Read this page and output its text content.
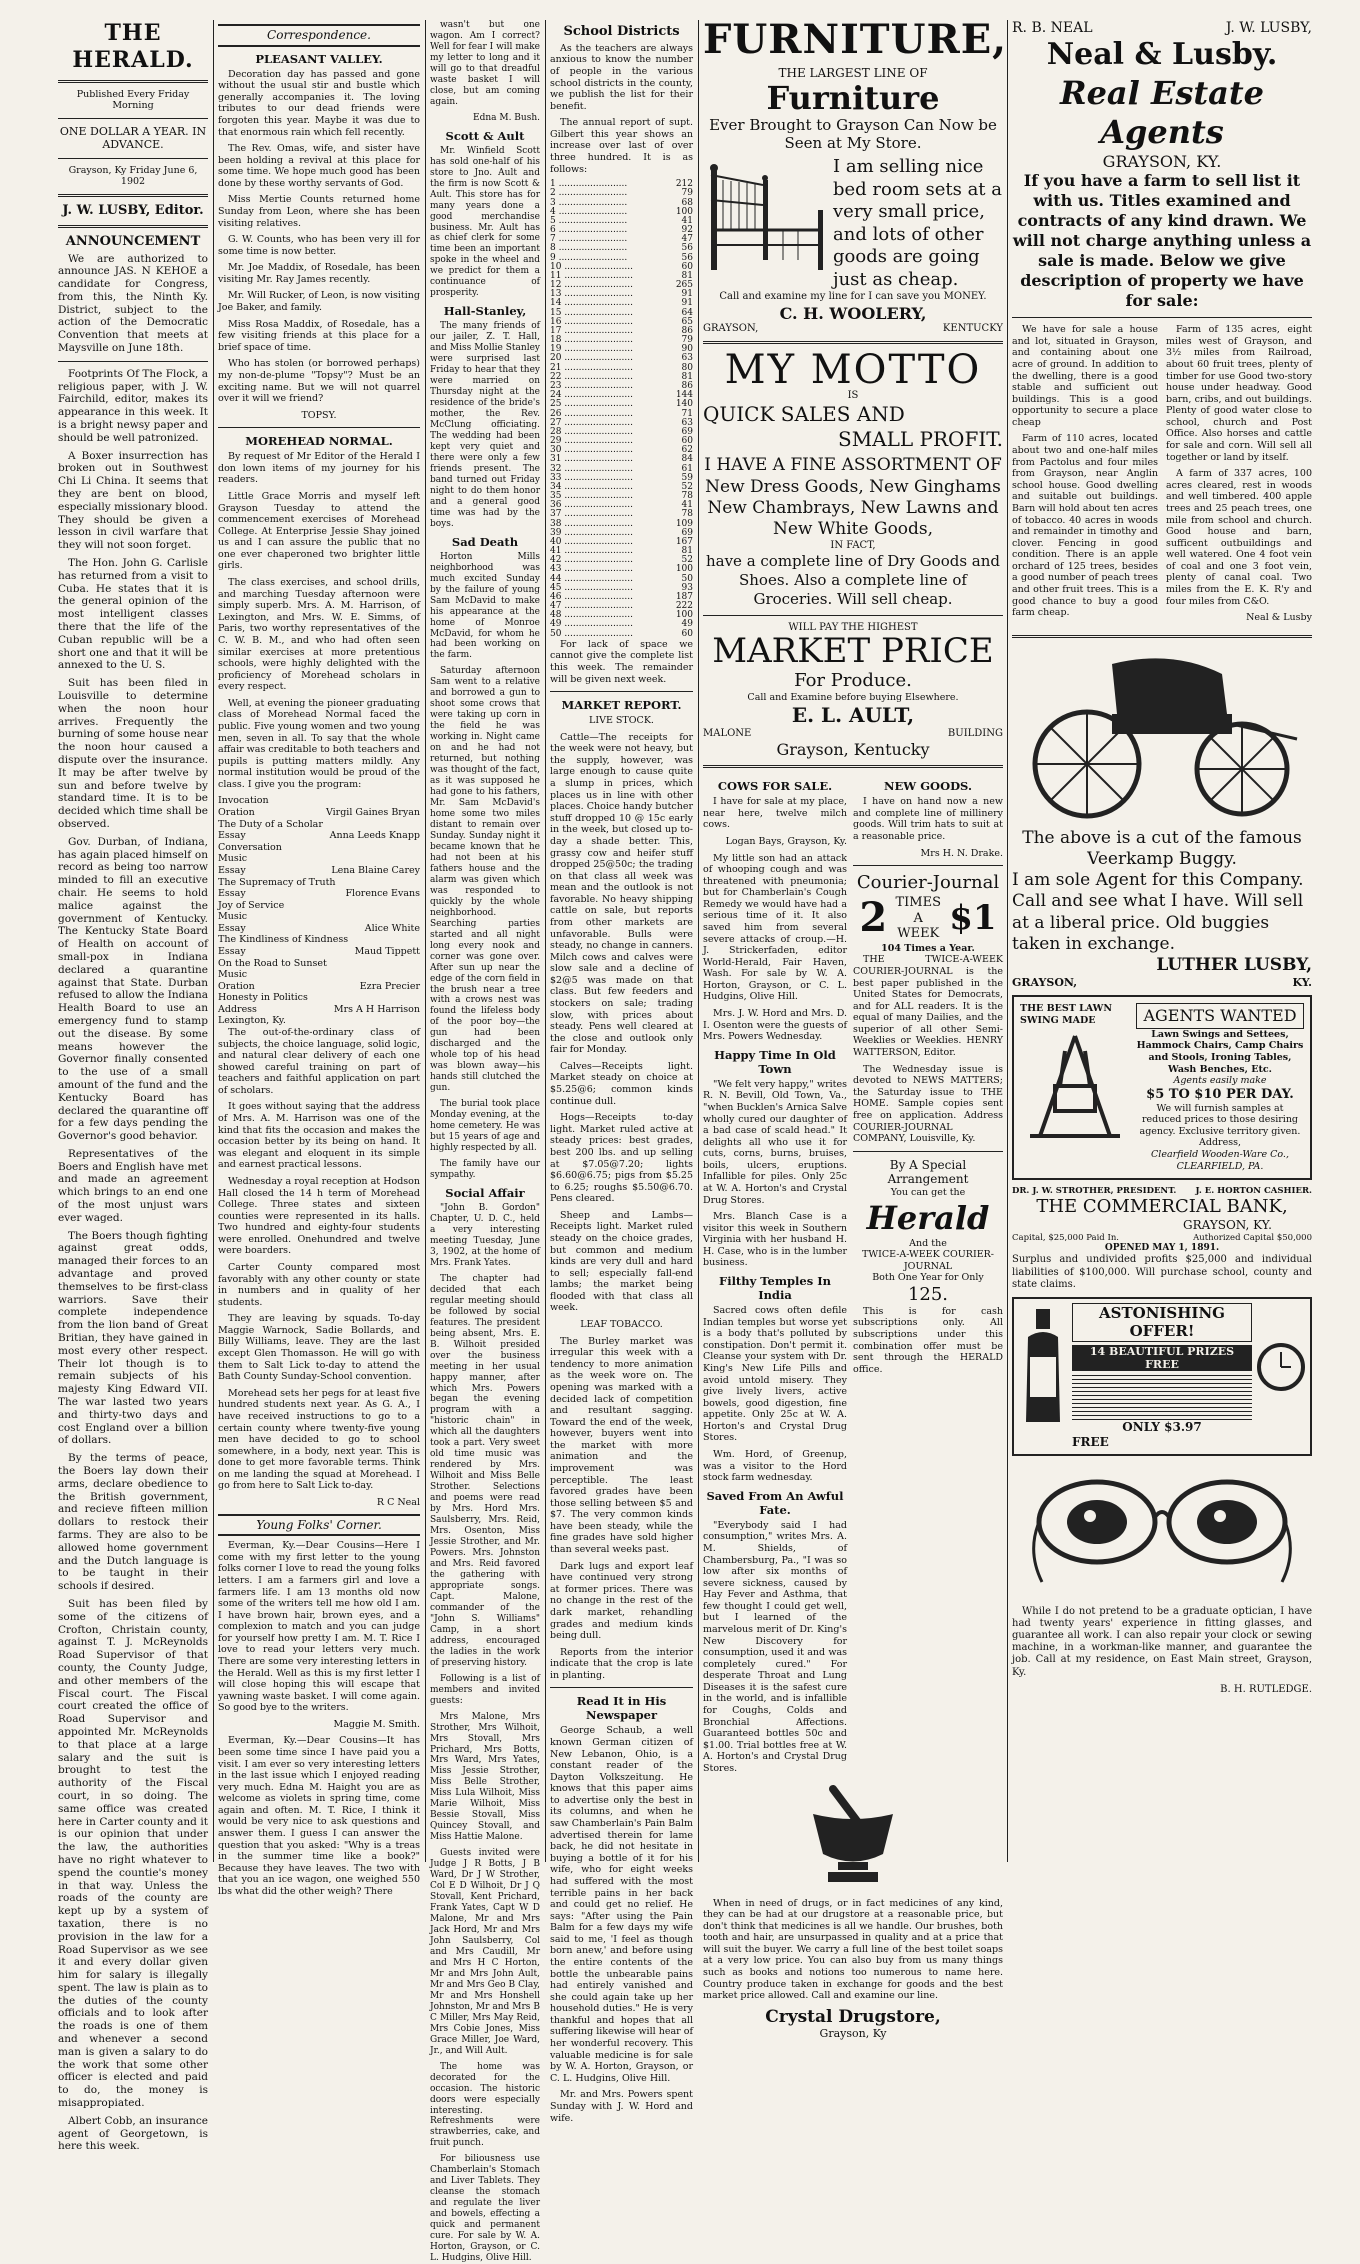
THE HERALD.

Published Every Friday Morning

ONE DOLLAR A YEAR. IN ADVANCE.

Grayson, Ky Friday June 6, 1902

J. W. LUSBY, Editor.

ANNOUNCEMENT

We are authorized to announce JAS. N KEHOE a candidate for Congress, from this, the Ninth Ky. District, subject to the action of the Democratic Convention that meets at Maysville on June 18th.

Footprints Of The Flock, a religious paper, with J. W. Fairchild, editor, makes its appearance in this week. It is a bright newsy paper and should be well patronized.

A Boxer insurrection has broken out in Southwest Chi Li China. It seems that they are bent on blood, especially missionary blood. They should be given a lesson in civil warfare that they will not soon forget.

The Hon. John G. Carlisle has returned from a visit to Cuba. He states that it is the general opinion of the most intelligent classes there that the life of the Cuban republic will be a short one and that it will be annexed to the U. S.

Suit has been filed in Louisville to determine when the noon hour arrives. Frequently the burning of some house near the noon hour caused a dispute over the insurance. It may be after twelve by sun and before twelve by standard time. It is to be decided which time shall be observed.

Gov. Durban, of Indiana, has again placed himself on record as being too narrow minded to fill an executive chair. He seems to hold malice against the government of Kentucky. The Kentucky State Board of Health on account of small-pox in Indiana declared a quarantine against that State. Durban refused to allow the Indiana Health Board to use an emergency fund to stamp out the disease. By some means however the Governor finally consented to the use of a small amount of the fund and the Kentucky Board has declared the quarantine off for a few days pending the Governor's good behavior.

Representatives of the Boers and English have met and made an agreement which brings to an end one of the most unjust wars ever waged.

The Boers though fighting against great odds, managed their forces to an advantage and proved themselves to be first-class warriors. Save their complete independence from the lion band of Great Britian, they have gained in most every other respect. Their lot though is to remain subjects of his majesty King Edward VII. The war lasted two years and thirty-two days and cost England over a billion of dollars.

By the terms of peace, the Boers lay down their arms, declare obedience to the British government, and recieve fifteen million dollars to restock their farms. They are also to be allowed home government and the Dutch language is to be taught in their schools if desired.

Suit has been filed by some of the citizens of Crofton, Christain county, against T. J. McReynolds Road Supervisor of that county, the County Judge, and other members of the Fiscal court. The Fiscal court created the office of Road Supervisor and appointed Mr. McReynolds to that place at a large salary and the suit is brought to test the authority of the Fiscal court, in so doing. The same office was created here in Carter county and it is our opinion that under the law, the authorities have no right whatever to spend the countie's money in that way. Unless the roads of the county are kept up by a system of taxation, there is no provision in the law for a Road Supervisor as we see it and every dollar given him for salary is illegally spent. The law is plain as to the duties of the county officials and to look after the roads is one of them and whenever a second man is given a salary to do the work that some other officer is elected and paid to do, the money is misappropiated.

Albert Cobb, an insurance agent of Georgetown, is here this week.

Correspondence.
PLEASANT VALLEY.

Decoration day has passed and gone without the usual stir and bustle which generally accompanies it. The loving tributes to our dead friends were forgoten this year. Maybe it was due to that enormous rain which fell recently.

The Rev. Omas, wife, and sister have been holding a revival at this place for some time. We hope much good has been done by these worthy servants of God.

Miss Mertie Counts returned home Sunday from Leon, where she has been visiting relatives.

G. W. Counts, who has been very ill for some time is now better.

Mr. Joe Maddix, of Rosedale, has been visiting Mr. Ray James recently.

Mr. Will Rucker, of Leon, is now visiting Joe Baker, and family.

Miss Rosa Maddix, of Rosedale, has a few visiting friends at this place for a brief space of time.

Who has stolen (or borrowed perhaps) my non-de-plume "Topsy"? Must be an exciting name. But we will not quarrel over it will we friend?

TOPSY.

MOREHEAD NORMAL.

By request of Mr Editor of the Herald I don lown items of my journey for his readers.

Little Grace Morris and myself left Grayson Tuesday to attend the commencement exercises of Morehead College. At Enterprise Jessie Shay joined us and I can assure the public that no one ever chaperoned two brighter little girls.

The class exercises, and school drills, and marching Tuesday afternoon were simply superb. Mrs. A. M. Harrison, of Lexington, and Mrs. W. E. Simms, of Paris, two worthy representatives of the C. W. B. M., and who had often seen similar exercises at more pretentious schools, were highly delighted with the proficiency of Morehead scholars in every respect.

Well, at evening the pioneer graduating class of Morehead Normal faced the public. Five young women and two young men, seven in all. To say that the whole affair was creditable to both teachers and pupils is putting matters mildly. Any normal institution would be proud of the class. I give you the program:

Invocation

Oration	Virgil Gaines Bryan

The Duty of a Scholar

Essay	Anna Leeds Knapp

Conversation

Music

Essay	Lena Blaine Carey

The Supremacy of Truth

Essay	Florence Evans

Joy of Service

Music

Essay	Alice White

The Kindliness of Kindness

Essay	Maud Tippett

On the Road to Sunset

Music

Oration	Ezra Precier

Honesty in Politics

Address	Mrs A H Harrison

Lexington, Ky.

The out-of-the-ordinary class of subjects, the choice language, solid logic, and natural clear delivery of each one showed careful training on part of teachers and faithful application on part of scholars.

It goes without saying that the address of Mrs. A. M. Harrison was one of the kind that fits the occasion and makes the occasion better by its being on hand. It was elegant and eloquent in its simple and earnest practical lessons.

Wednesday a royal reception at Hodson Hall closed the 14 h term of Morehead College. Three states and sixteen counties were represented in its halls. Two hundred and eighty-four students were enrolled. Onehundred and twelve were boarders.

Carter County compared most favorably with any other county or state in numbers and in quality of her students.

They are leaving by squads. To-day Maggie Warnock, Sadie Bollards, and Billy Williams, leave. They are the last except Glen Thomasson. He will go with them to Salt Lick to-day to attend the Bath County Sunday-School convention.

Morehead sets her pegs for at least five hundred students next year. As G. A., I have received instructions to go to a certain county where twenty-five young men have decided to go to school somewhere, in a body, next year. This is done to get more favorable terms. Think on me landing the squad at Morehead. I go from here to Salt Lick to-day.

R C Neal

Young Folks' Corner.

Everman, Ky.—Dear Cousins—Here I come with my first letter to the young folks corner I love to read the young folks letters. I am a farmers girl and love a farmers life. I am 13 months old now some of the writers tell me how old I am. I have brown hair, brown eyes, and a complexion to match and you can judge for yourself how pretty I am. M. T. Rice I love to read your letters very much. There are some very interesting letters in the Herald. Well as this is my first letter I will close hoping this will escape that yawning waste basket. I will come again. So good bye to the writers.

Maggie M. Smith.

Everman, Ky.—Dear Cousins—It has been some time since I have paid you a visit. I am ever so very interesting letters in the last issue which I enjoyed reading very much. Edna M. Haight you are as welcome as violets in spring time, come again and often. M. T. Rice, I think it would be very nice to ask questions and answer them. I guess I can answer the question that you asked: "Why is a treas in the summer time like a book?" Because they have leaves. The two with that you an ice wagon, one weighed 550 lbs what did the other weigh? There

School Districts

As the teachers are always anxious to know the number of people in the various school districts in the county, we publish the list for their benefit.

The annual report of supt. Gilbert this year shows an increase over last of over three hundred. It is as follows:

1 ........................	212
2 ........................	79
3 ........................	68
4 ........................	100
5 ........................	41
6 ........................	92
7 ........................	47
8 ........................	56
9 ........................	56
10 ........................	60
11 ........................	81
12 ........................	265
13 ........................	91
14 ........................	91
15 ........................	64
16 ........................	65
17 ........................	86
18 ........................	79
19 ........................	90
20 ........................	63
21 ........................	80
22 ........................	81
23 ........................	86
24 ........................	144
25 ........................	140
26 ........................	71
27 ........................	63
28 ........................	69
29 ........................	60
30 ........................	62
31 ........................	84
32 ........................	61
33 ........................	59
34 ........................	52
35 ........................	78
36 ........................	41
37 ........................	78
38 ........................	109
39 ........................	69
40 ........................	167
41 ........................	81
42 ........................	52
43 ........................	100
44 ........................	50
45 ........................	93
46 ........................	187
47 ........................	222
48 ........................	100
49 ........................	49
50 ........................	60

For lack of space we cannot give the complete list this week. The remainder will be given next week.

MARKET REPORT.

LIVE STOCK.

Cattle—The receipts for the week were not heavy, but the supply, however, was large enough to cause quite a slump in prices, which places us in line with other places. Choice handy butcher stuff dropped 10 @ 15c early in the week, but closed up to-day a shade better. This, grassy cow and heifer stuff dropped 25@50c; the trading on that class all week was mean and the outlook is not favorable. No heavy shipping cattle on sale, but reports from other markets are unfavorable. Bulls were steady, no change in canners. Milch cows and calves were slow sale and a decline of $2@5 was made on that class. But few feeders and stockers on sale; trading slow, with prices about steady. Pens well cleared at the close and outlook only fair for Monday.

Calves—Receipts light. Market steady on choice at $5.25@6; common kinds continue dull.

Hogs—Receipts to-day light. Market ruled active at steady prices: best grades, best 200 lbs. and up selling at $7.05@7.20; lights $6.60@6.75; pigs from $5.25 to 6.25; roughs $5.50@6.70. Pens cleared.

Sheep and Lambs—Receipts light. Market ruled steady on the choice grades, but common and medium kinds are very dull and hard to sell; especially fall-end lambs; the market being flooded with that class all week.

LEAF TOBACCO.

The Burley market was irregular this week with a tendency to more animation as the week wore on. The opening was marked with a decided lack of competition and resultant sagging. Toward the end of the week, however, buyers went into the market with more animation and the improvement was perceptible. The least favored grades have been those selling between $5 and $7. The very common kinds have been steady, while the fine grades have sold higher than several weeks past.

Dark lugs and export leaf have continued very strong at former prices. There was no change in the rest of the dark market, rehandling grades and medium kinds being dull.

Reports from the interior indicate that the crop is late in planting.

Read It in His Newspaper

George Schaub, a well known German citizen of New Lebanon, Ohio, is a constant reader of the Dayton Volkszeitung. He knows that this paper aims to advertise only the best in its columns, and when he saw Chamberlain's Pain Balm advertised therein for lame back, he did not hesitate in buying a bottle of it for his wife, who for eight weeks had suffered with the most terrible pains in her back and could get no relief. He says: "After using the Pain Balm for a few days my wife said to me, 'I feel as though born anew,' and before using the entire contents of the bottle the unbearable pains had entirely vanished and she could again take up her household duties." He is very thankful and hopes that all suffering likewise will hear of her wonderful recovery. This valuable medicine is for sale by W. A. Horton, Grayson, or C. L. Hudgins, Olive Hill.

Mr. and Mrs. Powers spent Sunday with J. W. Hord and wife.

FURNITURE,
THE LARGEST LINE OF
Furniture
Ever Brought to Grayson Can Now be Seen at My Store.
I am selling nice bed room sets at a very small price, and lots of other goods are going just as cheap.
Call and examine my line for I can save you MONEY.
C. H. WOOLERY,
GRAYSON,	KENTUCKY
MY MOTTO
IS
QUICK SALES AND
SMALL PROFIT.
I HAVE A FINE ASSORTMENT OF New Dress Goods, New Ginghams New Chambrays, New Lawns and New White Goods,
IN FACT,
have a complete line of Dry Goods and Shoes. Also a complete line of Groceries. Will sell cheap.
WILL PAY THE HIGHEST
MARKET PRICE
For Produce.
Call and Examine before buying Elsewhere.
E. L. AULT,
MALONE	BUILDING
Grayson, Kentucky
COWS FOR SALE.

I have for sale at my place, near here, twelve milch cows.

Logan Bays, Grayson, Ky.

My little son had an attack of whooping cough and was threatened with pneumonia; but for Chamberlain's Cough Remedy we would have had a serious time of it. It also saved him from several severe attacks of croup.—H. J. Strickerfaden, editor World-Herald, Fair Haven, Wash. For sale by W. A. Horton, Grayson, or C. L. Hudgins, Olive Hill.

Mrs. J. W. Hord and Mrs. D. I. Osenton were the guests of Mrs. Powers Wednesday.

Happy Time In Old Town

"We felt very happy," writes R. N. Bevill, Old Town, Va., "when Bucklen's Arnica Salve wholly cured our daughter of a bad case of scald head." It delights all who use it for cuts, corns, burns, bruises, boils, ulcers, eruptions. Infallible for piles. Only 25c at W. A. Horton's and Crystal Drug Stores.

Mrs. Blanch Case is a visitor this week in Southern Virginia with her husband H. H. Case, who is in the lumber business.

Filthy Temples In India

Sacred cows often defile Indian temples but worse yet is a body that's polluted by constipation. Don't permit it. Cleanse your system with Dr. King's New Life Pills and avoid untold misery. They give lively livers, active bowels, good digestion, fine appetite. Only 25c at W. A. Horton's and Crystal Drug Stores.

Wm. Hord, of Greenup, was a visitor to the Hord stock farm wednesday.

Saved From An Awful Fate.

"Everybody said I had consumption," writes Mrs. A. M. Shields, of Chambersburg, Pa., "I was so low after six months of severe sickness, caused by Hay Fever and Asthma, that few thought I could get well, but I learned of the marvelous merit of Dr. King's New Discovery for consumption, used it and was completely cured." For desperate Throat and Lung Diseases it is the safest cure in the world, and is infallible for Coughs, Colds and Bronchial Affections. Guaranteed bottles 50c and $1.00. Trial bottles free at W. A. Horton's and Crystal Drug Stores.

NEW GOODS.

I have on hand now a new and complete line of millinery goods. Will trim hats to suit at a reasonable price.

Mrs H. N. Drake.

Courier-Journal
2 TIMES A WEEK $1
104 Times a Year.

THE TWICE-A-WEEK COURIER-JOURNAL is the best paper published in the United States for Democrats, and for ALL readers. It is the equal of many Dailies, and the superior of all other Semi-Weeklies or Weeklies. HENRY WATTERSON, Editor.

The Wednesday issue is devoted to NEWS MATTERS; the Saturday issue to THE HOME. Sample copies sent free on application. Address COURIER-JOURNAL COMPANY, Louisville, Ky.

By A Special Arrangement
You can get the
Herald
And the
TWICE-A-WEEK COURIER-JOURNAL
Both One Year for Only
125.

This is for cash subscriptions only. All subscriptions under this combination offer must be sent through the HERALD office.

When in need of drugs, or in fact medicines of any kind, they can be had at our drugstore at a reasonable price, but don't think that medicines is all we handle. Our brushes, both tooth and hair, are unsurpassed in quality and at a price that will suit the buyer. We carry a full line of the best toilet soaps at a very low price. You can also buy from us many things such as books and notions too numerous to name here. Country produce taken in exchange for goods and the best market price allowed. Call and examine our line.

Crystal Drugstore,
Grayson, Ky
R. B. NEAL	J. W. LUSBY,
Neal & Lusby.
Real Estate Agents
GRAYSON, KY.
If you have a farm to sell list it with us. Titles examined and contracts of any kind drawn. We will not charge anything unless a sale is made. Below we give description of property we have for sale:

We have for sale a house and lot, situated in Grayson, and containing about one acre of ground. In addition to the dwelling, there is a good stable and sufficient out buildings. This is a good opportunity to secure a place cheap

Farm of 110 acres, located about two and one-half miles from Pactolus and four miles from Grayson, near Anglin school house. Good dwelling and suitable out buildings. Barn will hold about ten acres of tobacco. 40 acres in woods and remainder in timothy and clover. Fencing in good condition. There is an apple orchard of 125 trees, besides a good number of peach trees and other fruit trees. This is a good chance to buy a good farm cheap.

Farm of 135 acres, eight miles west of Grayson, and 3½ miles from Railroad, about 60 fruit trees, plenty of timber for use Good two-story house under headway. Good barn, cribs, and out buildings. Plenty of good water close to school, church and Post Office. Also horses and cattle for sale and corn. Will sell all together or land by itself.

A farm of 337 acres, 100 acres cleared, rest in woods and well timbered. 400 apple trees and 25 peach trees, one mile from school and church. Good house and barn, sufficent outbuildings and well watered. One 4 foot vein of coal and one 3 foot vein, plenty of canal coal. Two miles from the E. K. R'y and four miles from C&O.

Neal & Lusby

The above is a cut of the famous Veerkamp Buggy.
I am sole Agent for this Company. Call and see what I have. Will sell at a liberal price. Old buggies taken in exchange.
LUTHER LUSBY,
GRAYSON,	KY.
THE BEST LAWN SWING MADE	AGENTS WANTED
Lawn Swings and Settees, Hammock Chairs, Camp Chairs and Stools, Ironing Tables, Wash Benches, Etc.
Agents easily make
$5 TO $10 PER DAY.
We will furnish samples at reduced prices to those desiring agency. Exclusive territory given. Address,
Clearfield Wooden-Ware Co., CLEARFIELD, PA.
DR. J. W. STROTHER, PRESIDENT. J. E. HORTON CASHIER.
THE COMMERCIAL BANK,
GRAYSON, KY.
Capital, $25,000 Paid In.	Authorized Capital $50,000
OPENED MAY 1, 1891.
Surplus and undivided profits $25,000 and individual liabilities of $100,000. Will purchase school, county and state claims.
ASTONISHING OFFER!
14 BEAUTIFUL PRIZES FREE
ONLY $3.97
FREE

While I do not pretend to be a graduate optician, I have had twenty years' experience in fitting glasses, and guarantee all work. I can also repair your clock or sewing machine, in a workman-like manner, and guarantee the job. Call at my residence, on East Main street, Grayson, Ky.

B. H. RUTLEDGE.

wasn't but one wagon. Am I correct? Well for fear I will make my letter to long and it will go to that dreadful waste basket I will close, but am coming again.

Edna M. Bush.

Scott & Ault

Mr. Winfield Scott has sold one-half of his store to Jno. Ault and the firm is now Scott & Ault. This store has for many years done a good merchandise business. Mr. Ault has as chief clerk for some time been an important spoke in the wheel and we predict for them a continuance of prosperity.

Hall-Stanley,

The many friends of our jailer, Z. T. Hall, and Miss Mollie Stanley were surprised last Friday to hear that they were married on Thursday night at the residence of the bride's mother, the Rev. McClung officiating. The wedding had been kept very quiet and there were only a few friends present. The band turned out Friday night to do them honor and a general good time was had by the boys.

Sad Death

Horton Mills neighborhood was much excited Sunday by the failure of young Sam McDavid to make his appearance at the home of Monroe McDavid, for whom he had been working on the farm.

Saturday afternoon Sam went to a relative and borrowed a gun to shoot some crows that were taking up corn in the field he was working in. Night came on and he had not returned, but nothing was thought of the fact, as it was supposed he had gone to his fathers, Mr. Sam McDavid's home some two miles distant to remain over Sunday. Sunday night it became known that he had not been at his fathers house and the alarm was given which was responded to quickly by the whole neighborhood. Searching parties started and all night long every nook and corner was gone over. After sun up near the edge of the corn field in the brush near a tree with a crows nest was found the lifeless body of the poor boy—the gun had been discharged and the whole top of his head was blown away—his hands still clutched the gun.

The burial took place Monday evening, at the home cemetery. He was but 15 years of age and highly respected by all.

The family have our sympathy.

Social Affair

"John B. Gordon" Chapter, U. D. C., held a very interesting meeting Tuesday, June 3, 1902, at the home of Mrs. Frank Yates.

The chapter had decided that each regular meeting should be followed by social features. The president being absent, Mrs. E. B. Wilhoit presided over the business meeting in her usual happy manner, after which Mrs. Powers began the evening program with a "historic chain" in which all the daughters took a part. Very sweet old time music was rendered by Mrs. Wilhoit and Miss Belle Strother. Selections and poems were read by Mrs. Hord Mrs. Saulsberry, Mrs. Reid, Mrs. Osenton, Miss Jessie Strother, and Mr. Powers. Mrs. Johnston and Mrs. Reid favored the gathering with appropriate songs. Capt. Malone, commander of the "John S. Williams" Camp, in a short address, encouraged the ladies in the work of preserving history.

Following is a list of members and invited guests:

Mrs Malone, Mrs Strother, Mrs Wilhoit, Mrs Stovall, Mrs Prichard, Mrs Botts, Mrs Ward, Mrs Yates, Miss Jessie Strother, Miss Belle Strother, Miss Lula Wilhoit, Miss Marie Wilhoit, Miss Bessie Stovall, Miss Quincey Stovall, and Miss Hattie Malone.

Guests invited were Judge J R Botts, J B Ward, Dr J W Strother, Col E D Wilhoit, Dr J Q Stovall, Kent Prichard, Frank Yates, Capt W D Malone, Mr and Mrs Jack Hord, Mr and Mrs John Saulsberry, Col and Mrs Caudill, Mr and Mrs H C Horton, Mr and Mrs John Ault, Mr and Mrs Geo B Clay, Mr and Mrs Honshell Johnston, Mr and Mrs B C Miller, Mrs May Reid, Mrs Cobie Jones, Miss Grace Miller, Joe Ward, Jr., and Will Ault.

The home was decorated for the occasion. The historic doors were especially interesting. Refreshments were strawberries, cake, and fruit punch.

For biliousness use Chamberlain's Stomach and Liver Tablets. They cleanse the stomach and regulate the liver and bowels, effecting a quick and permanent cure. For sale by W. A. Horton, Grayson, or C. L. Hudgins, Olive Hill.
